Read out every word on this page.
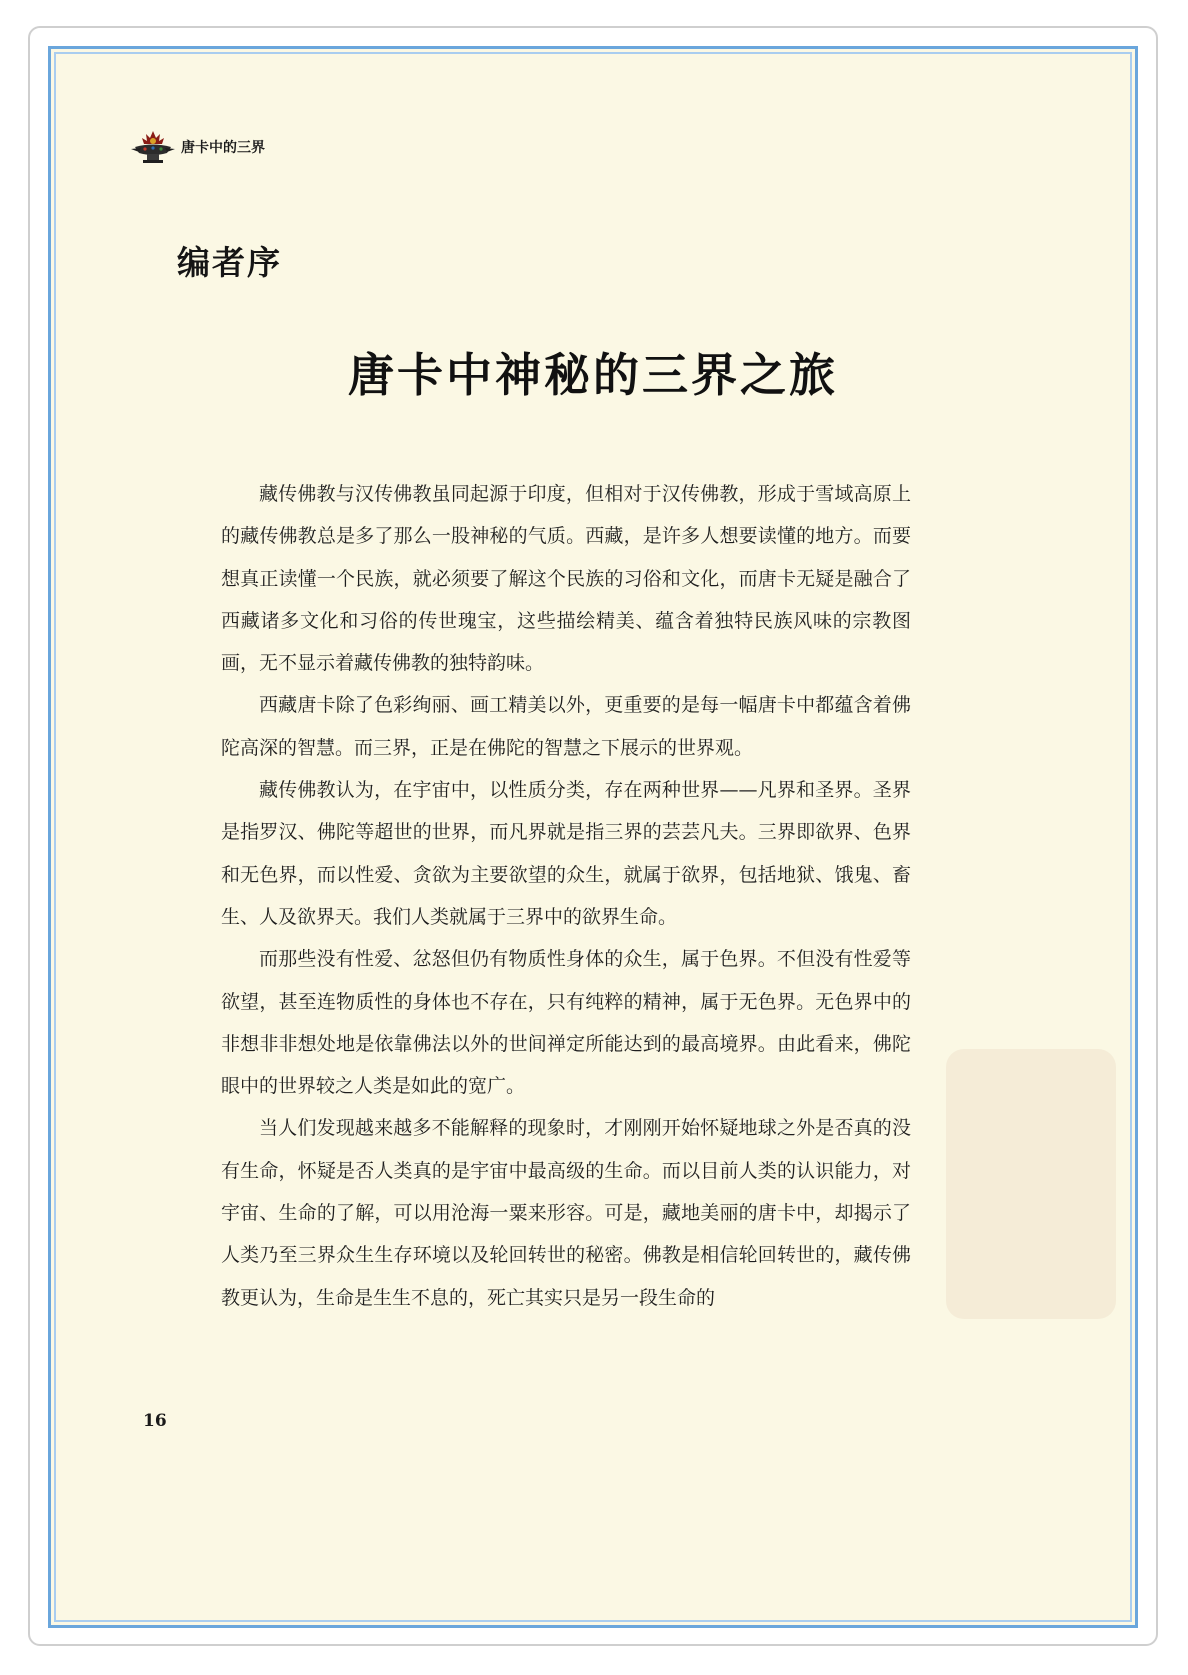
唐卡中的三界
编者序
唐卡中神秘的三界之旅

藏传佛教与汉传佛教虽同起源于印度，但相对于汉传佛教，形成于雪域高原上的藏传佛教总是多了那么一股神秘的气质。西藏，是许多人想要读懂的地方。而要想真正读懂一个民族，就必须要了解这个民族的习俗和文化，而唐卡无疑是融合了西藏诸多文化和习俗的传世瑰宝，这些描绘精美、蕴含着独特民族风味的宗教图画，无不显示着藏传佛教的独特韵味。

西藏唐卡除了色彩绚丽、画工精美以外，更重要的是每一幅唐卡中都蕴含着佛陀高深的智慧。而三界，正是在佛陀的智慧之下展示的世界观。

藏传佛教认为，在宇宙中，以性质分类，存在两种世界——凡界和圣界。圣界是指罗汉、佛陀等超世的世界，而凡界就是指三界的芸芸凡夫。三界即欲界、色界和无色界，而以性爱、贪欲为主要欲望的众生，就属于欲界，包括地狱、饿鬼、畜生、人及欲界天。我们人类就属于三界中的欲界生命。

而那些没有性爱、忿怒但仍有物质性身体的众生，属于色界。不但没有性爱等欲望，甚至连物质性的身体也不存在，只有纯粹的精神，属于无色界。无色界中的非想非非想处地是依靠佛法以外的世间禅定所能达到的最高境界。由此看来，佛陀眼中的世界较之人类是如此的宽广。

当人们发现越来越多不能解释的现象时，才刚刚开始怀疑地球之外是否真的没有生命，怀疑是否人类真的是宇宙中最高级的生命。而以目前人类的认识能力，对宇宙、生命的了解，可以用沧海一粟来形容。可是，藏地美丽的唐卡中，却揭示了人类乃至三界众生生存环境以及轮回转世的秘密。佛教是相信轮回转世的，藏传佛教更认为，生命是生生不息的，死亡其实只是另一段生命的

16
